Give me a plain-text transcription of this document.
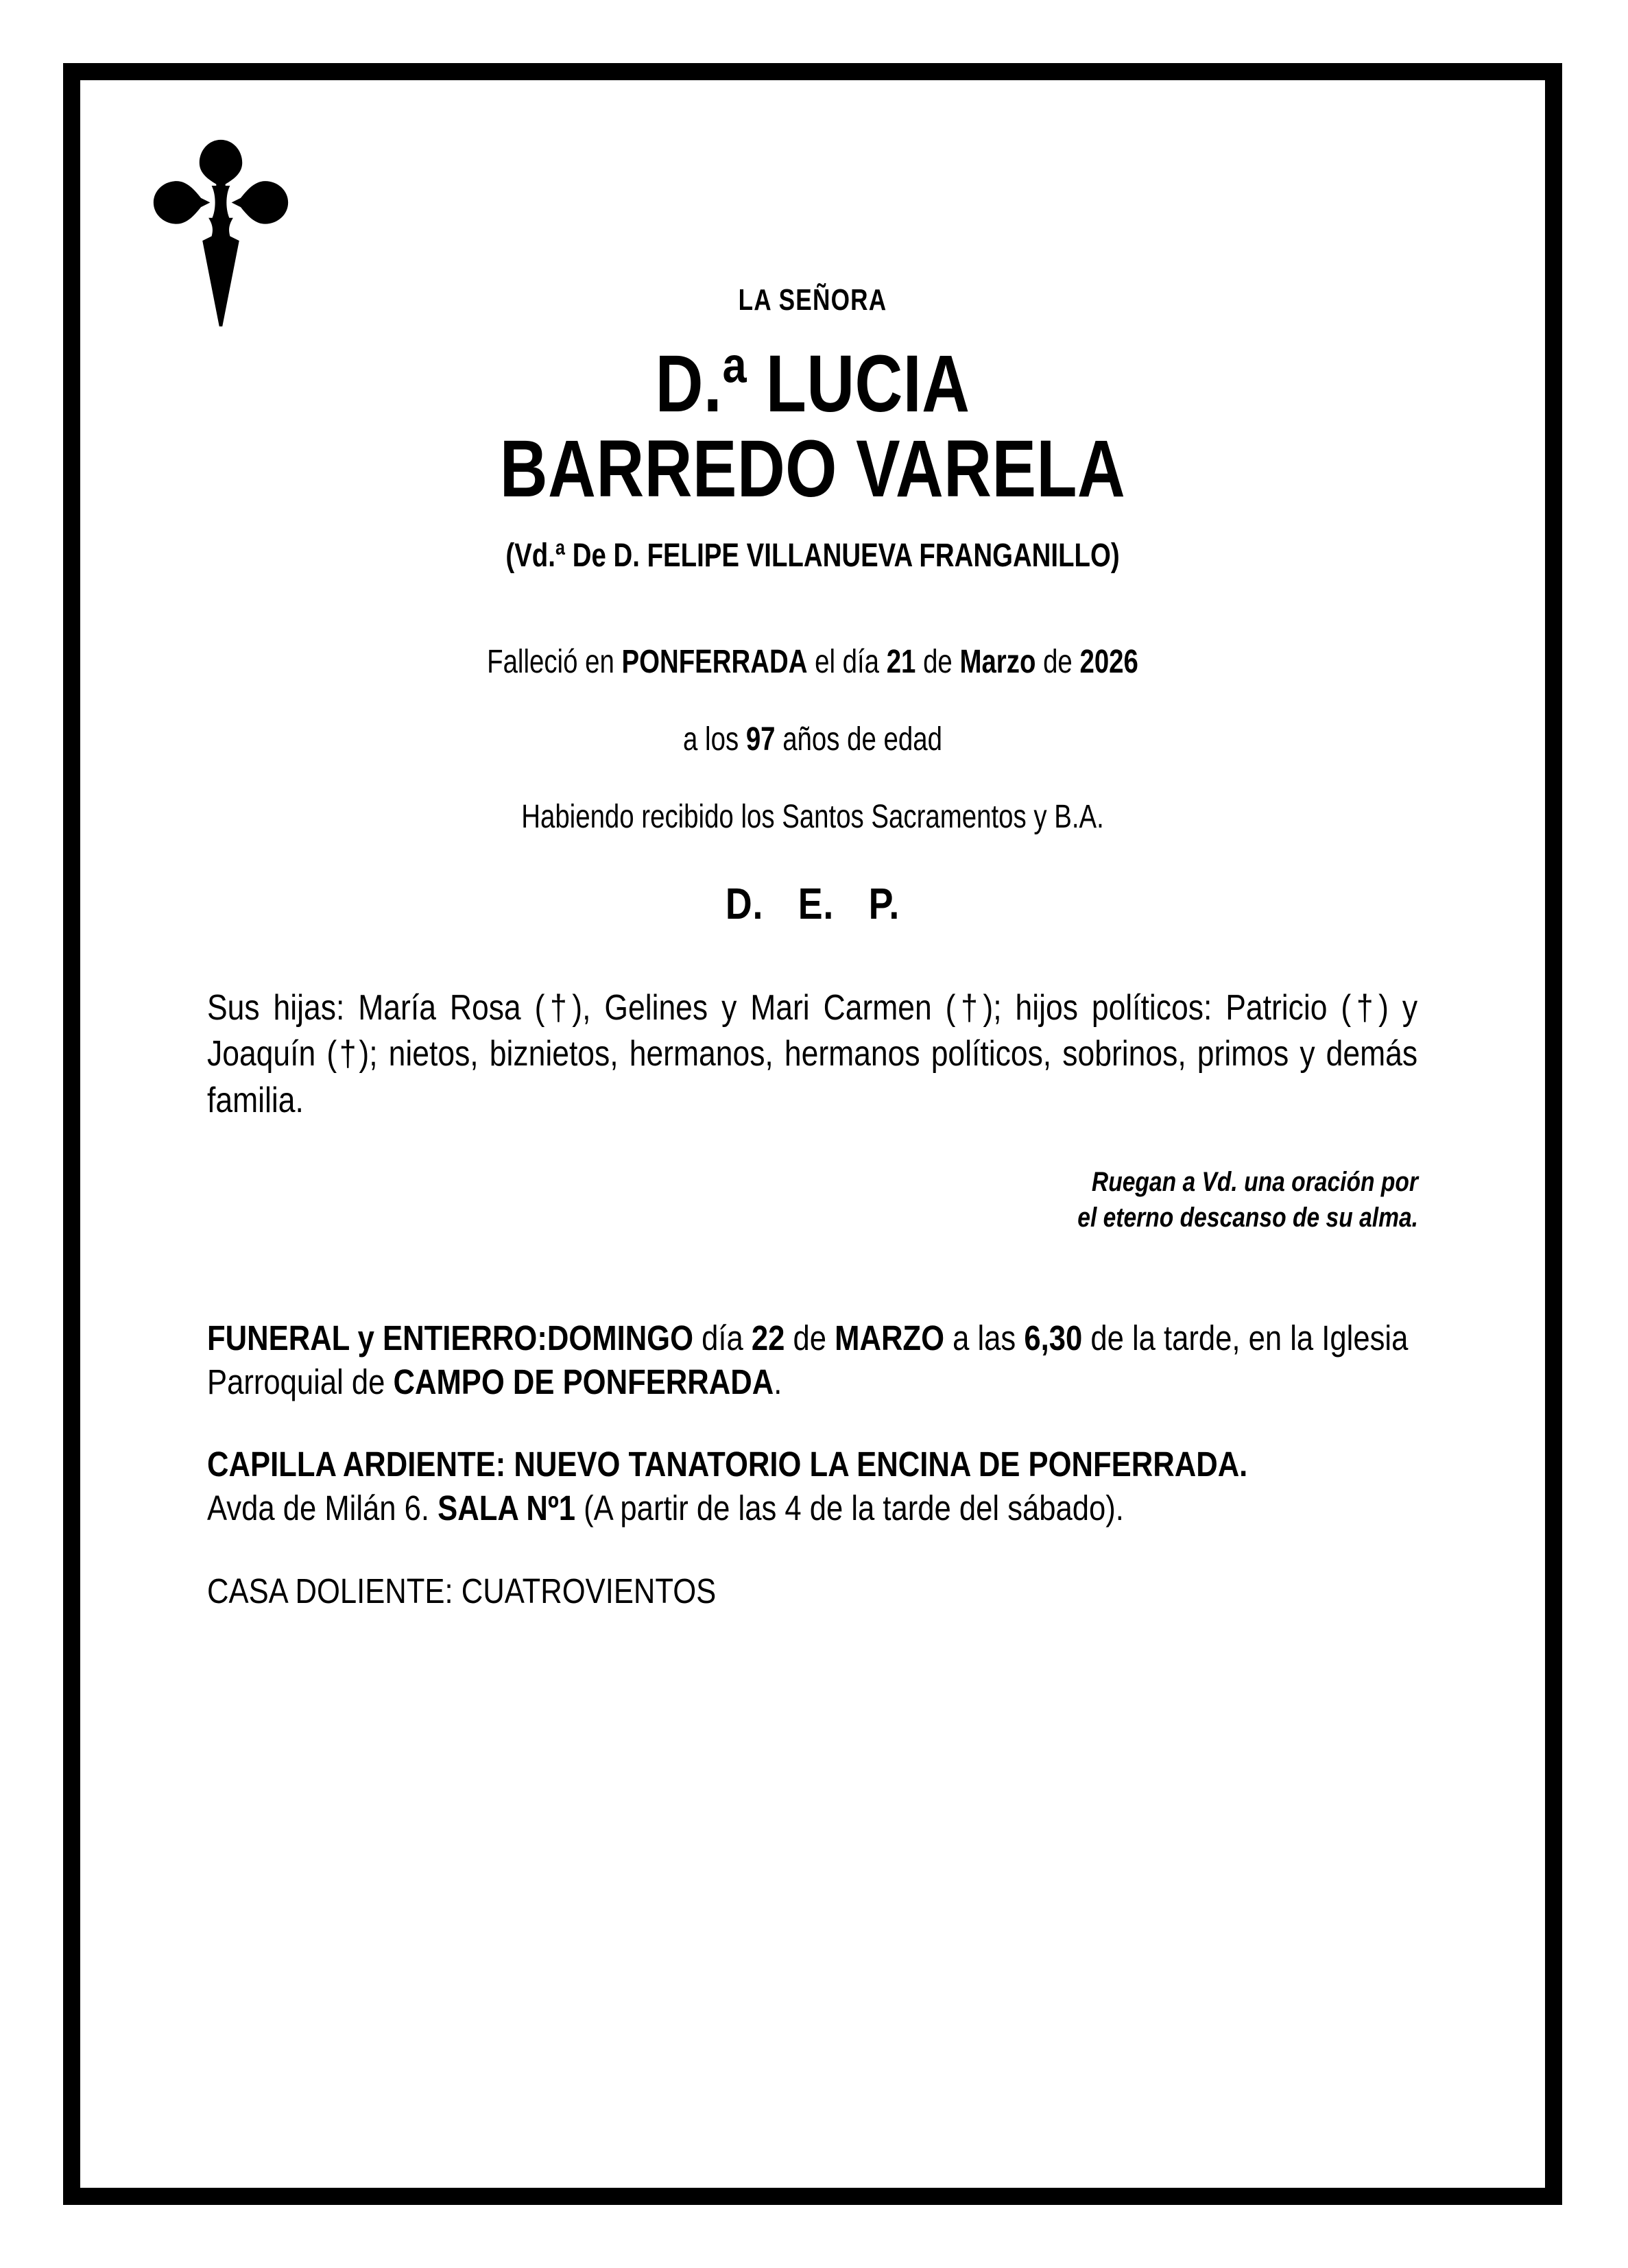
LA SEÑORA
D.ª LUCIA
BARREDO VARELA
(Vd.ª De D. FELIPE VILLANUEVA FRANGANILLO)
Falleció en PONFERRADA el día 21 de Marzo de 2026
a los 97 años de edad
Habiendo recibido los Santos Sacramentos y B.A.
D. E. P.
Sus hijas: María Rosa (†), Gelines y Mari Carmen (†); hijos políticos: Patricio (†) y Joaquín (†); nietos, biznietos, hermanos, hermanos políticos, sobrinos, primos y demás familia.
Ruegan a Vd. una oración por
el eterno descanso de su alma.
FUNERAL y ENTIERRO:DOMINGO día 22 de MARZO a las 6,30 de la tarde, en la Iglesia Parroquial de CAMPO DE PONFERRADA.
CAPILLA ARDIENTE: NUEVO TANATORIO LA ENCINA DE PONFERRADA.
Avda de Milán 6. SALA Nº1 (A partir de las 4 de la tarde del sábado).
CASA DOLIENTE: CUATROVIENTOS
